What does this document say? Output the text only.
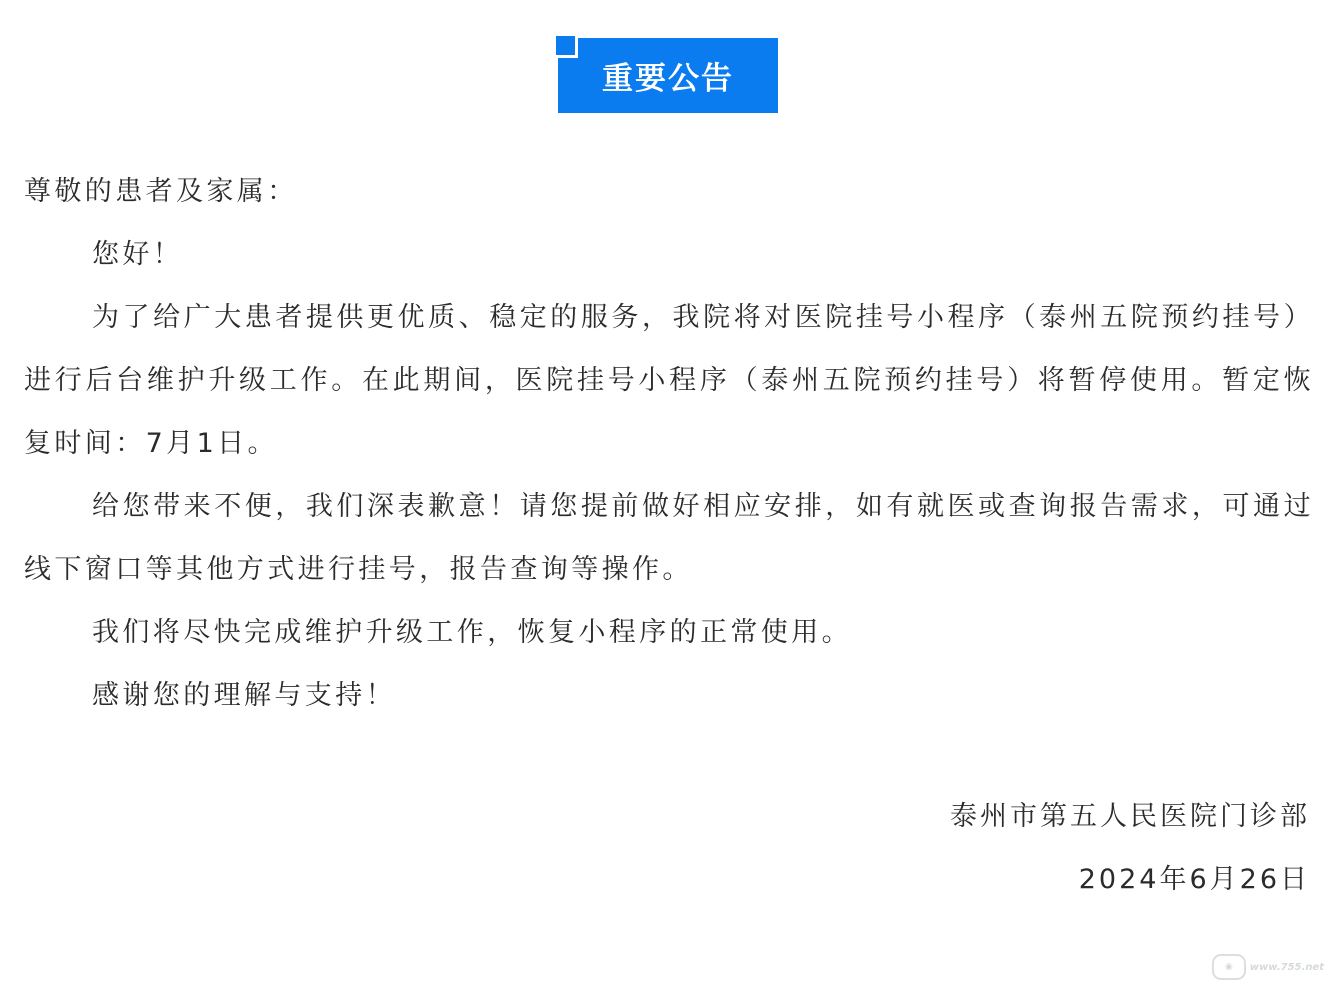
重要公告

尊敬的患者及家属：

您好！

为了给广大患者提供更优质、稳定的服务，我院将对医院挂号小程序（泰州五院预约挂号）进行后台维护升级工作。在此期间，医院挂号小程序（泰州五院预约挂号）将暂停使用。暂定恢复时间：7月1日。

给您带来不便，我们深表歉意！请您提前做好相应安排，如有就医或查询报告需求，可通过线下窗口等其他方式进行挂号，报告查询等操作。

我们将尽快完成维护升级工作，恢复小程序的正常使用。

感谢您的理解与支持！

泰州市第五人民医院门诊部

2024年6月26日

◉	www.755.net
